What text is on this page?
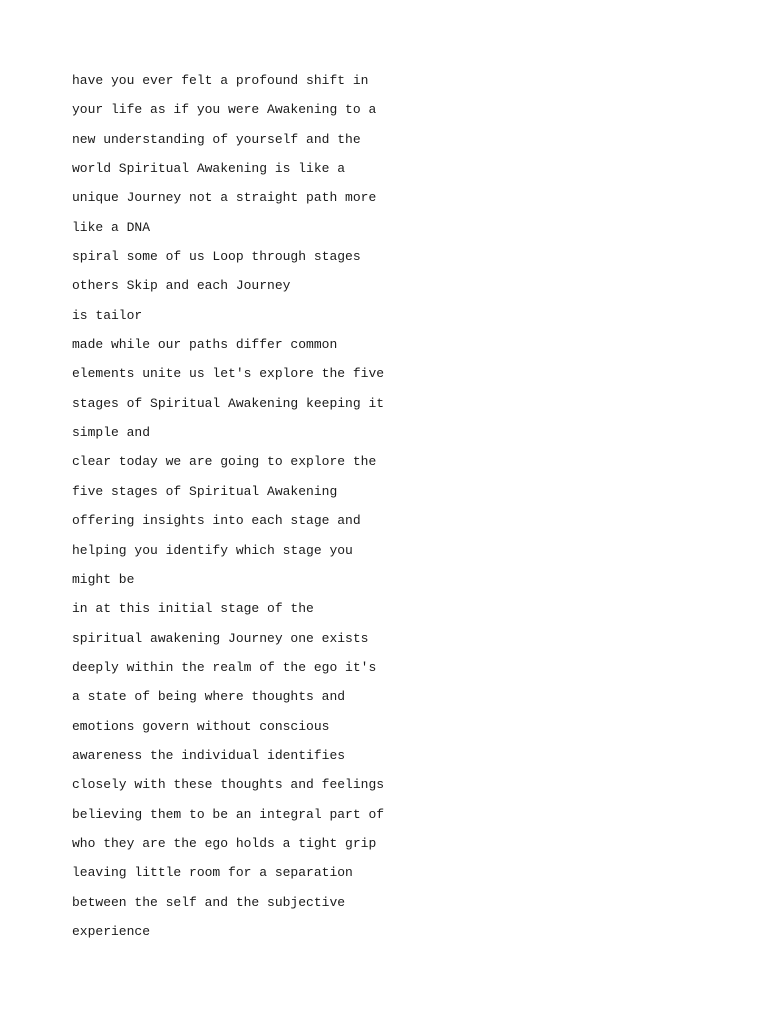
have you ever felt a profound shift in

your life as if you were Awakening to a

new understanding of yourself and the

world Spiritual Awakening is like a

unique Journey not a straight path more

like a DNA

spiral some of us Loop through stages

others Skip and each Journey

is tailor

made while our paths differ common

elements unite us let's explore the five

stages of Spiritual Awakening keeping it

simple and

clear today we are going to explore the

five stages of Spiritual Awakening

offering insights into each stage and

helping you identify which stage you

might be

in at this initial stage of the

spiritual awakening Journey one exists

deeply within the realm of the ego it's

a state of being where thoughts and

emotions govern without conscious

awareness the individual identifies

closely with these thoughts and feelings

believing them to be an integral part of

who they are the ego holds a tight grip

leaving little room for a separation

between the self and the subjective

experience
